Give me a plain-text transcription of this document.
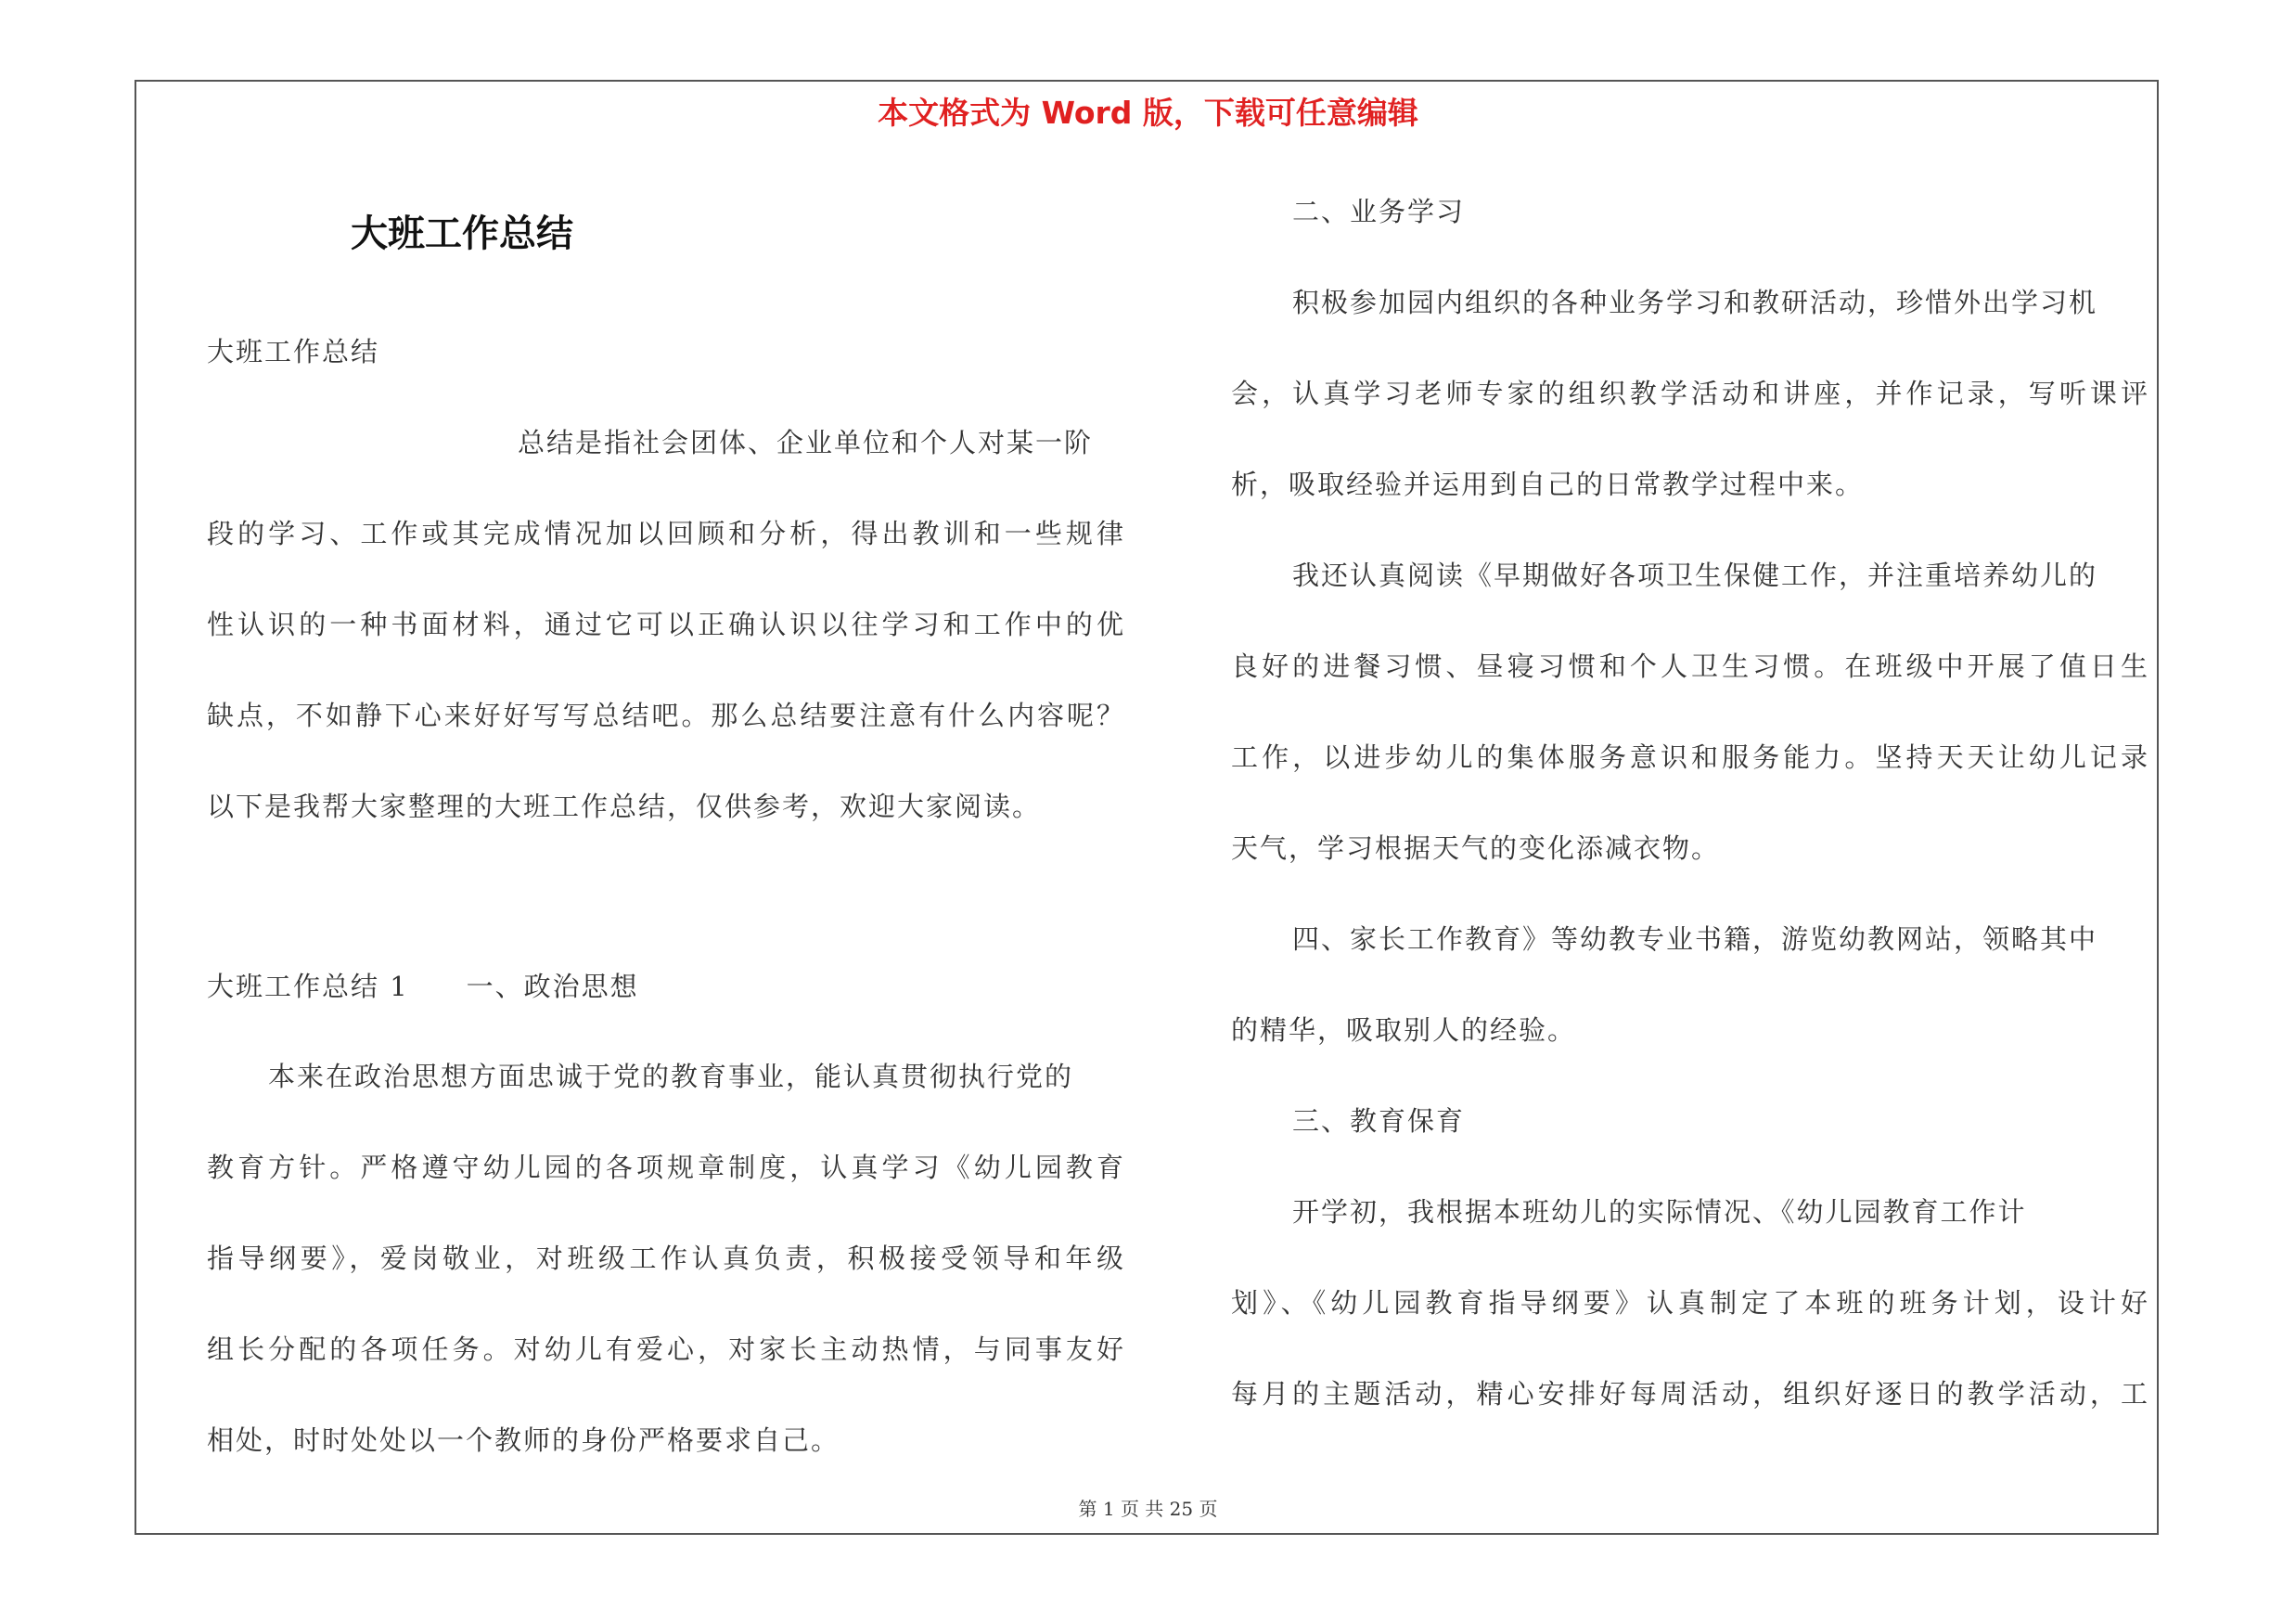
本文格式为 Word 版，下载可任意编辑
大班工作总结
大班工作总结
总结是指社会团体、企业单位和个人对某一阶
段的学习、工作或其完成情况加以回顾和分析，得出教训和一些规律
性认识的一种书面材料，通过它可以正确认识以往学习和工作中的优
缺点，不如静下心来好好写写总结吧。那么总结要注意有什么内容呢？
以下是我帮大家整理的大班工作总结，仅供参考，欢迎大家阅读。
大班工作总结 1　　一、政治思想
本来在政治思想方面忠诚于党的教育事业，能认真贯彻执行党的
教育方针。严格遵守幼儿园的各项规章制度，认真学习《幼儿园教育
指导纲要》，爱岗敬业，对班级工作认真负责，积极接受领导和年级
组长分配的各项任务。对幼儿有爱心，对家长主动热情，与同事友好
相处，时时处处以一个教师的身份严格要求自己。
二、业务学习
积极参加园内组织的各种业务学习和教研活动，珍惜外出学习机
会，认真学习老师专家的组织教学活动和讲座，并作记录，写听课评
析，吸取经验并运用到自己的日常教学过程中来。
我还认真阅读《早期做好各项卫生保健工作，并注重培养幼儿的
良好的进餐习惯、昼寝习惯和个人卫生习惯。在班级中开展了值日生
工作，以进步幼儿的集体服务意识和服务能力。坚持天天让幼儿记录
天气，学习根据天气的变化添减衣物。
四、家长工作教育》等幼教专业书籍，游览幼教网站，领略其中
的精华，吸取别人的经验。
三、教育保育
开学初，我根据本班幼儿的实际情况、《幼儿园教育工作计
划》、《幼儿园教育指导纲要》认真制定了本班的班务计划，设计好
每月的主题活动，精心安排好每周活动，组织好逐日的教学活动，工
第 1 页 共 25 页
